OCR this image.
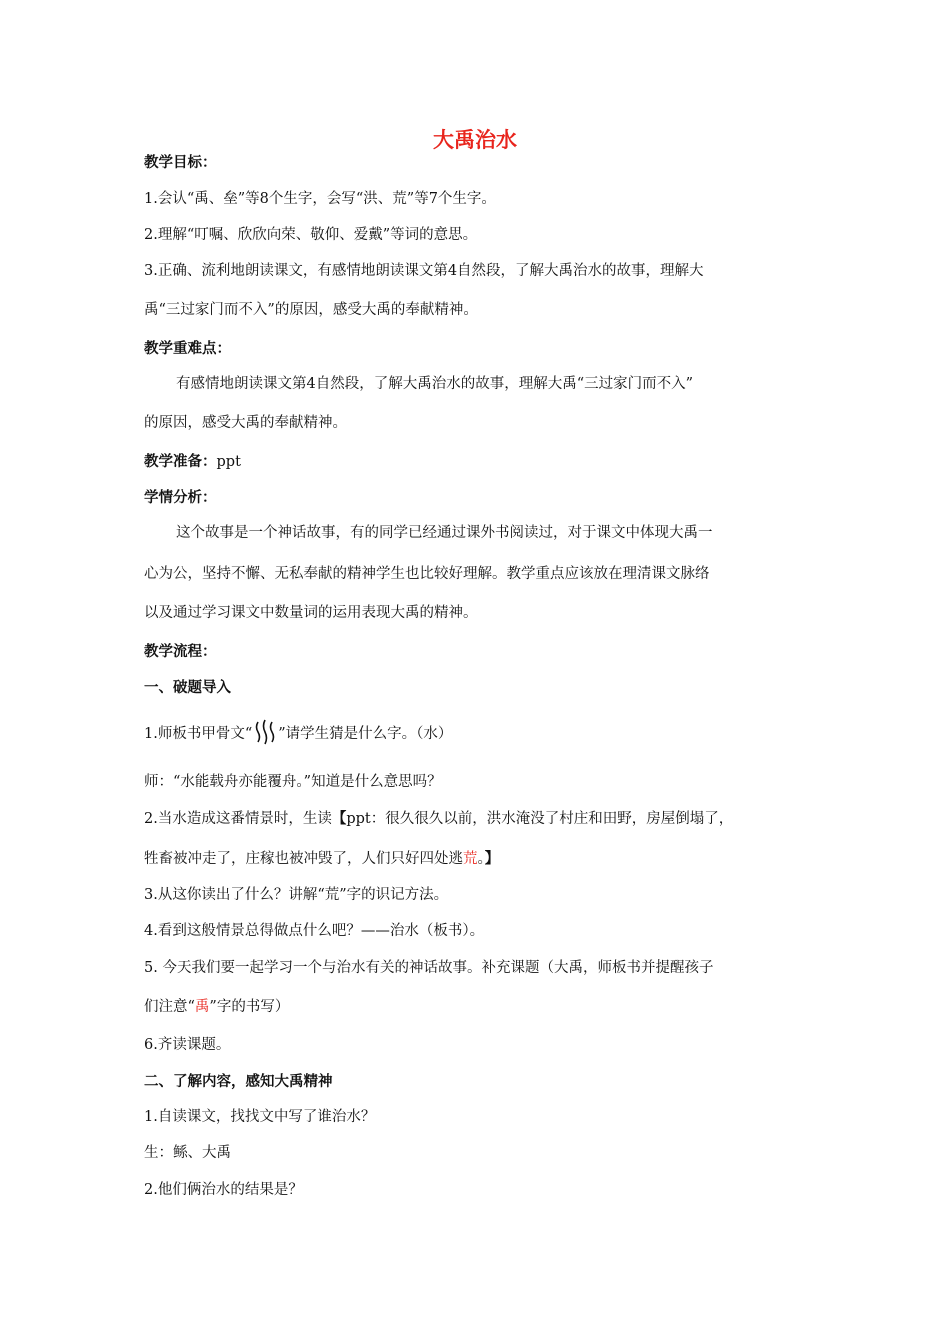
大禹治水
教学目标：
1.会认“禹、垒”等8个生字，会写“洪、荒”等7个生字。
2.理解“叮嘱、欣欣向荣、敬仰、爱戴”等词的意思。
3.正确、流利地朗读课文，有感情地朗读课文第4自然段，了解大禹治水的故事，理解大
禹“三过家门而不入”的原因，感受大禹的奉献精神。
教学重难点：
有感情地朗读课文第4自然段，了解大禹治水的故事，理解大禹“三过家门而不入”
的原因，感受大禹的奉献精神。
教学准备：ppt
学情分析：
这个故事是一个神话故事，有的同学已经通过课外书阅读过，对于课文中体现大禹一
心为公，坚持不懈、无私奉献的精神学生也比较好理解。教学重点应该放在理清课文脉络
以及通过学习课文中数量词的运用表现大禹的精神。
教学流程：
一、破题导入
1.师板书甲骨文“ ”请学生猜是什么字。（水）
师：“水能载舟亦能覆舟。”知道是什么意思吗？
2.当水造成这番情景时，生读【ppt：很久很久以前，洪水淹没了村庄和田野，房屋倒塌了，
牲畜被冲走了，庄稼也被冲毁了，人们只好四处逃荒。】
3.从这你读出了什么？讲解“荒”字的识记方法。
4.看到这般情景总得做点什么吧？——治水（板书）。
5. 今天我们要一起学习一个与治水有关的神话故事。补充课题（大禹，师板书并提醒孩子
们注意“禹”字的书写）
6.齐读课题。
二、了解内容，感知大禹精神
1.自读课文，找找文中写了谁治水？
生：鲧、大禹
2.他们俩治水的结果是？
